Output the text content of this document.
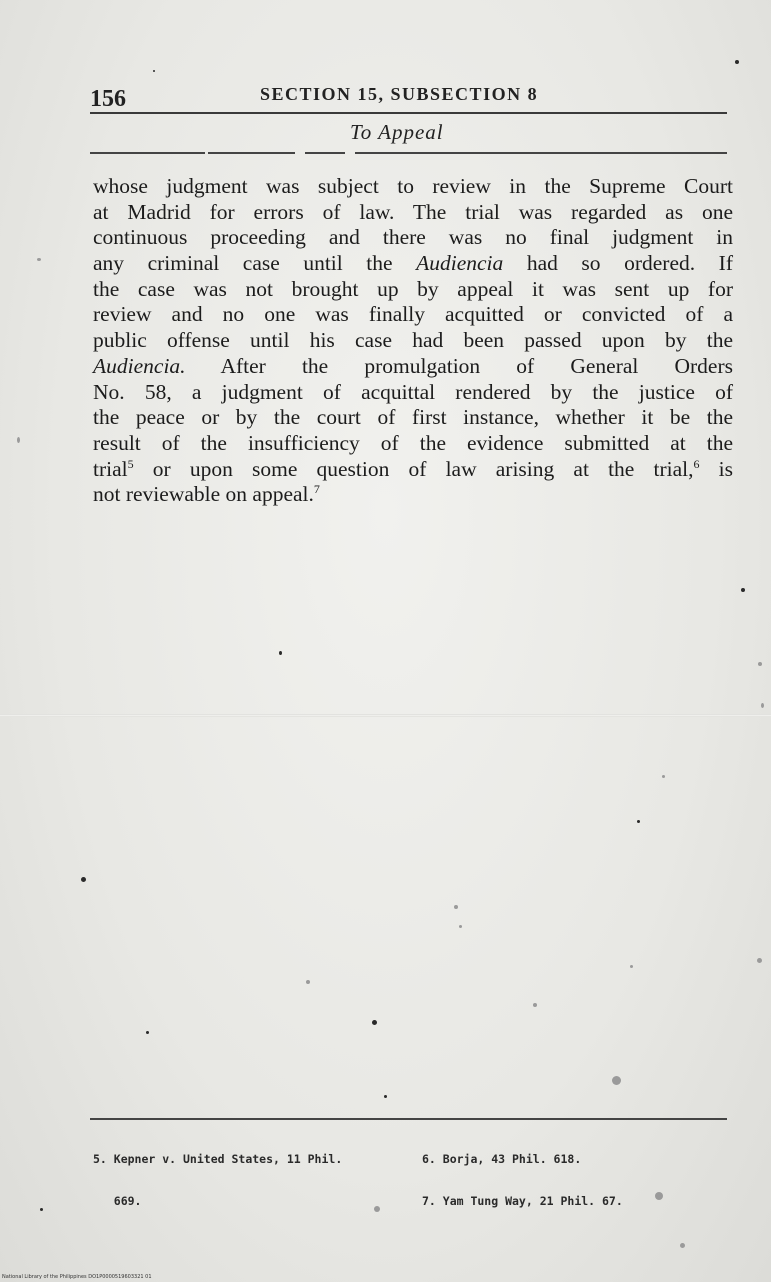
156	SECTION 15, SUBSECTION 8
To Appeal
whose judgment was subject to review in the Supreme Court
at Madrid for errors of law. The trial was regarded as one
continuous proceeding and there was no final judgment in
any criminal case until the Audiencia had so ordered. If
the case was not brought up by appeal it was sent up for
review and no one was finally acquitted or convicted of a
public offense until his case had been passed upon by the
Audiencia. After the promulgation of General Orders
No. 58, a judgment of acquittal rendered by the justice of
the peace or by the court of first instance, whether it be the
result of the insufficiency of the evidence submitted at the
trial$^5$ or upon some question of law arising at the trial,$^6$ is
not reviewable on appeal.$^7$

5. Kepner v. United States, 11 Phil.

669.

6. Borja, 43 Phil. 618.

7. Yam Tung Way, 21 Phil. 67.

National Library of the Philippines DO1P0000519603321 01
